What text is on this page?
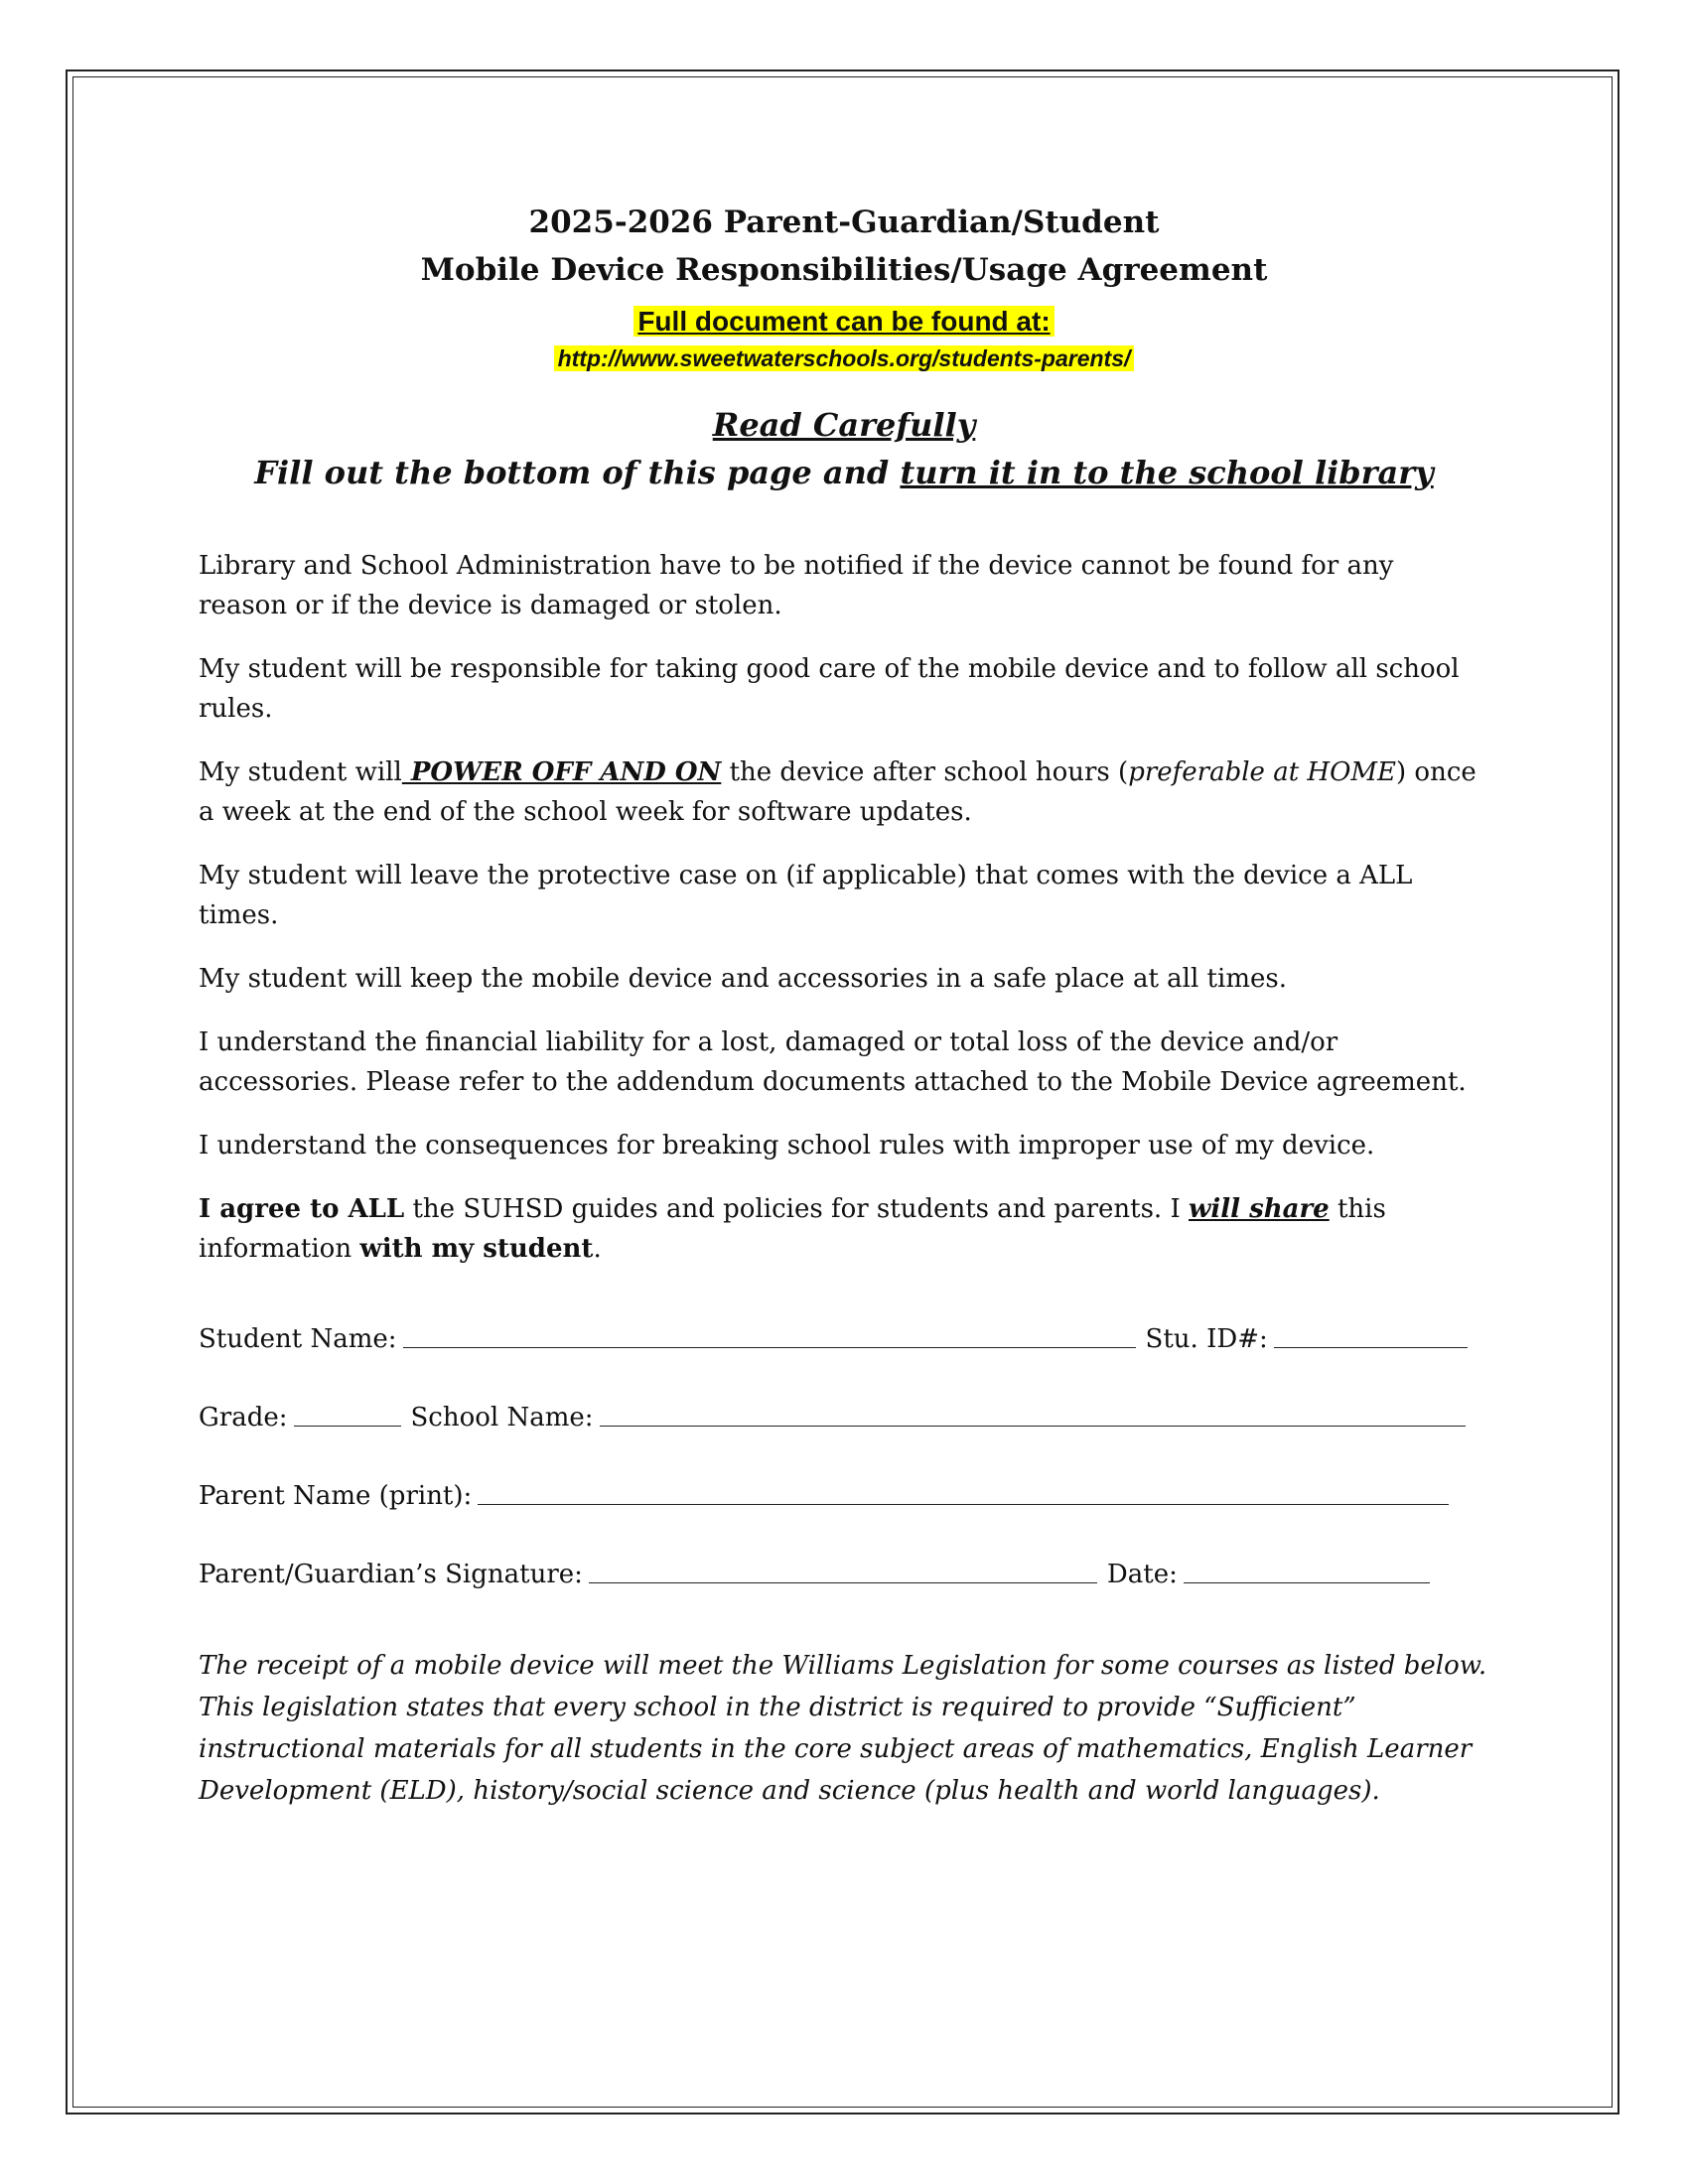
2025-2026 Parent-Guardian/Student

Mobile Device Responsibilities/Usage Agreement

Full document can be found at:
http://www.sweetwaterschools.org/students-parents/
Read Carefully
Fill out the bottom of this page and turn it in to the school library

Library and School Administration have to be notified if the device cannot be found for any reason or if the device is damaged or stolen.

My student will be responsible for taking good care of the mobile device and to follow all school rules.

My student will POWER OFF AND ON the device after school hours (preferable at HOME) once a week at the end of the school week for software updates.

My student will leave the protective case on (if applicable) that comes with the device a ALL times.

My student will keep the mobile device and accessories in a safe place at all times.

I understand the financial liability for a lost, damaged or total loss of the device and/or accessories. Please refer to the addendum documents attached to the Mobile Device agreement.

I understand the consequences for breaking school rules with improper use of my device.

I agree to ALL the SUHSD guides and policies for students and parents. I will share this information with my student.

Student Name:	Stu. ID#:
Grade:	School Name:
Parent Name (print):
Parent/Guardian’s Signature:	Date:

The receipt of a mobile device will meet the Williams Legislation for some courses as listed below. This legislation states that every school in the district is required to provide “Sufficient” instructional materials for all students in the core subject areas of mathematics, English Learner Development (ELD), history/social science and science (plus health and world languages).
